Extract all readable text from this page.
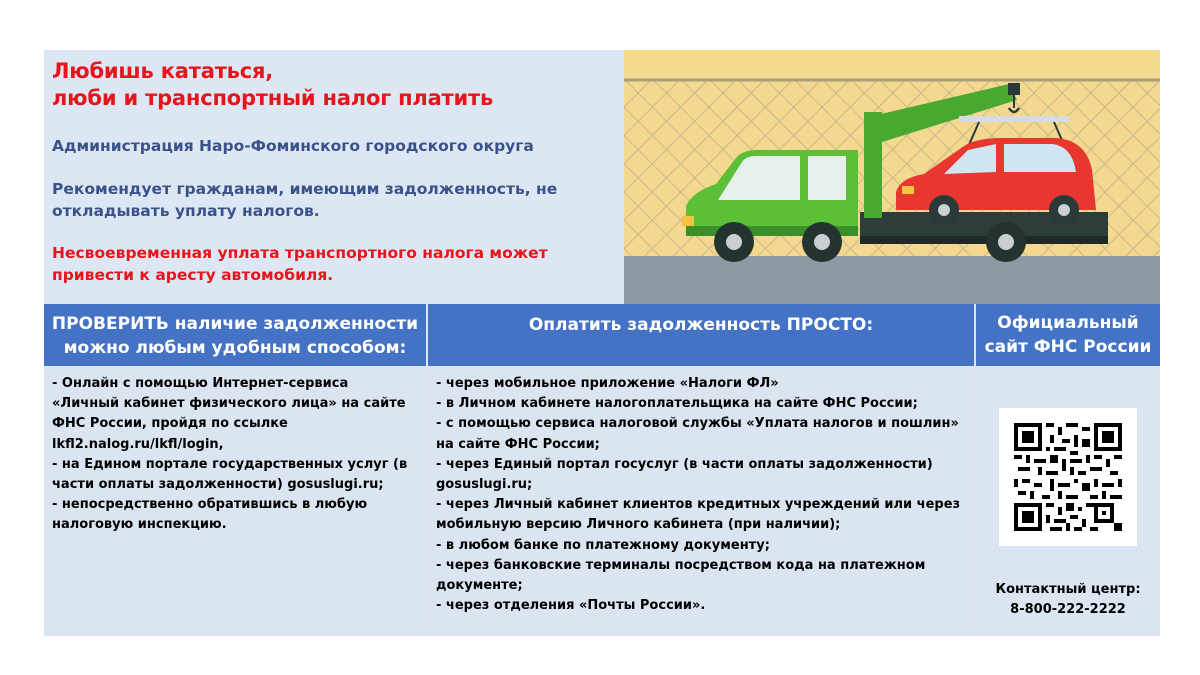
Любишь кататься,
люби и транспортный налог платить
Администрация Наро-Фоминского городского округа
Рекомендует гражданам, имеющим задолженность, не откладывать уплату налогов.
Несвоевременная уплата транспортного налога может привести к аресту автомобиля.
ПРОВЕРИТЬ наличие задолженности можно любым удобным способом:
Оплатить задолженность ПРОСТО:	Официальный сайт ФНС России
- Онлайн с помощью Интернет-сервиса «Личный кабинет физического лица» на сайте ФНС России, пройдя по ссылке lkfl2.nalog.ru/lkfl/login,
- на Едином портале государственных услуг (в части оплаты задолженности) gosuslugi.ru;
- непосредственно обратившись в любую налоговую инспекцию.
- через мобильное приложение «Налоги ФЛ»
- в Личном кабинете налогоплательщика на сайте ФНС России;
- с помощью сервиса налоговой службы «Уплата налогов и пошлин» на сайте ФНС России;
- через Единый портал госуслуг (в части оплаты задолженности) gosuslugi.ru;
- через Личный кабинет клиентов кредитных учреждений или через мобильную версию Личного кабинета (при наличии);
- в любом банке по платежному документу;
- через банковские терминалы посредством кода на платежном документе;
- через отделения «Почты России».
Контактный центр:
8-800-222-2222
